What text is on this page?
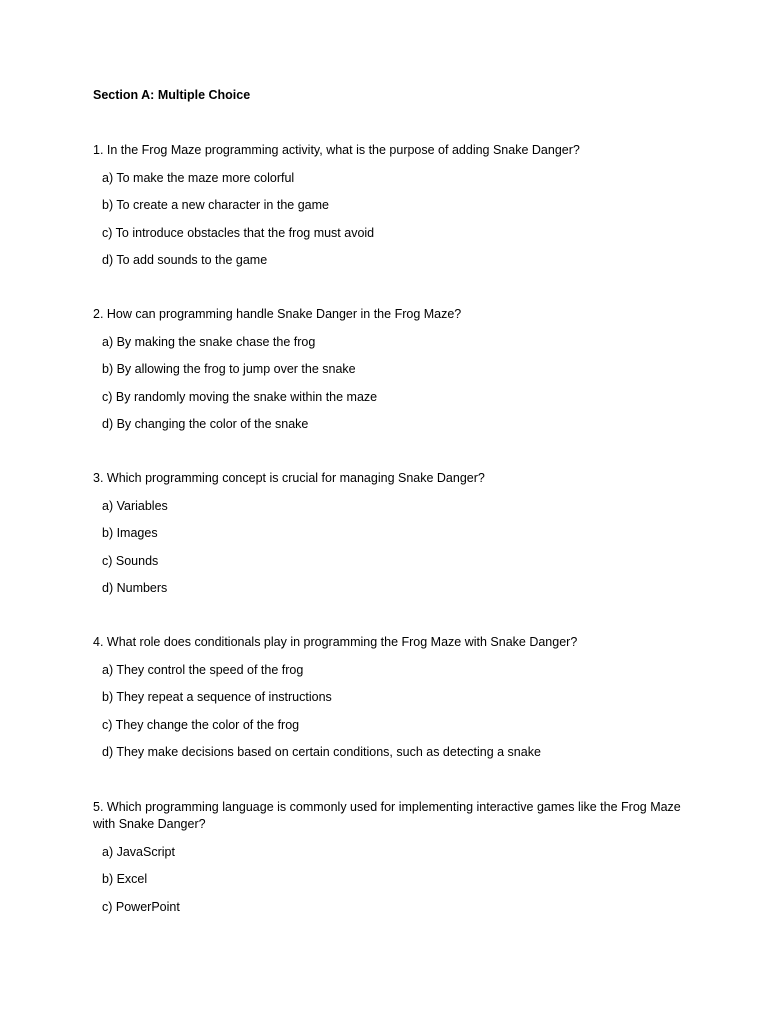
Section A: Multiple Choice

1. In the Frog Maze programming activity, what is the purpose of adding Snake Danger?

a) To make the maze more colorful
b) To create a new character in the game
c) To introduce obstacles that the frog must avoid
d) To add sounds to the game

2. How can programming handle Snake Danger in the Frog Maze?

a) By making the snake chase the frog
b) By allowing the frog to jump over the snake
c) By randomly moving the snake within the maze
d) By changing the color of the snake

3. Which programming concept is crucial for managing Snake Danger?

a) Variables
b) Images
c) Sounds
d) Numbers

4. What role does conditionals play in programming the Frog Maze with Snake Danger?

a) They control the speed of the frog
b) They repeat a sequence of instructions
c) They change the color of the frog
d) They make decisions based on certain conditions, such as detecting a snake

5. Which programming language is commonly used for implementing interactive games like the Frog Maze with Snake Danger?

a) JavaScript
b) Excel
c) PowerPoint
